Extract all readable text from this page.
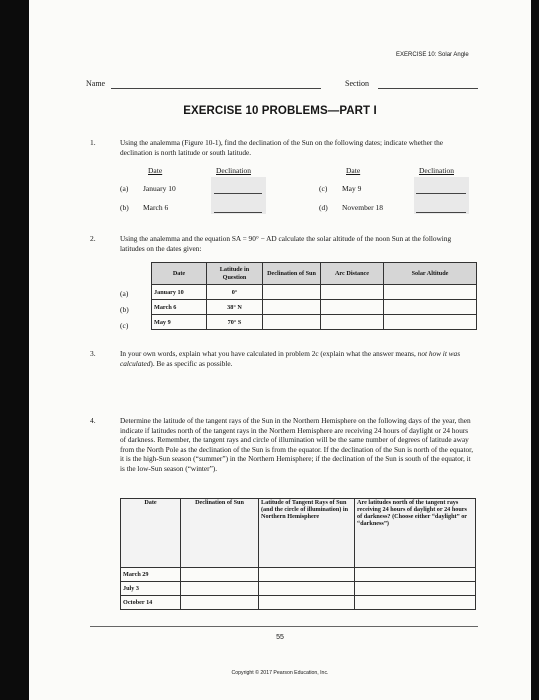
EXERCISE 10: Solar Angle
Name	Section
EXERCISE 10 PROBLEMS—PART I
1.	Using the analemma (Figure 10-1), find the declination of the Sun on the following dates; indicate whether the declination is north latitude or south latitude.
Date	Declination	Date	Declination
(a) January 10
(b) March 6
(c) May 9
(d) November 18
2.	Using the analemma and the equation SA = 90° − AD calculate the solar altitude of the noon Sun at the following latitudes on the dates given:
Date	Latitude in Question	Declination of Sun	Arc Distance	Solar Altitude
January 10	0°			
March 6	38° N			
May 9	70° S			
(a)
(b)
(c)
3.	In your own words, explain what you have calculated in problem 2c (explain what the answer means, not how it was calculated). Be as specific as possible.
4.	Determine the latitude of the tangent rays of the Sun in the Northern Hemisphere on the following days of the year, then indicate if latitudes north of the tangent rays in the Northern Hemisphere are receiving 24 hours of daylight or 24 hours of darkness. Remember, the tangent rays and circle of illumination will be the same number of degrees of latitude away from the North Pole as the declination of the Sun is from the equator. If the declination of the Sun is north of the equator, it is the high-Sun season (“summer”) in the Northern Hemisphere; if the declination of the Sun is south of the equator, it is the low-Sun season (“winter”).
Date	Declination of Sun	Latitude of Tangent Rays of Sun (and the circle of illumination) in Northern Hemisphere	Are latitudes north of the tangent rays receiving 24 hours of daylight or 24 hours of darkness? (Choose either “daylight” or “darkness”)
March 29			
July 3			
October 14			
55
Copyright © 2017 Pearson Education, Inc.
